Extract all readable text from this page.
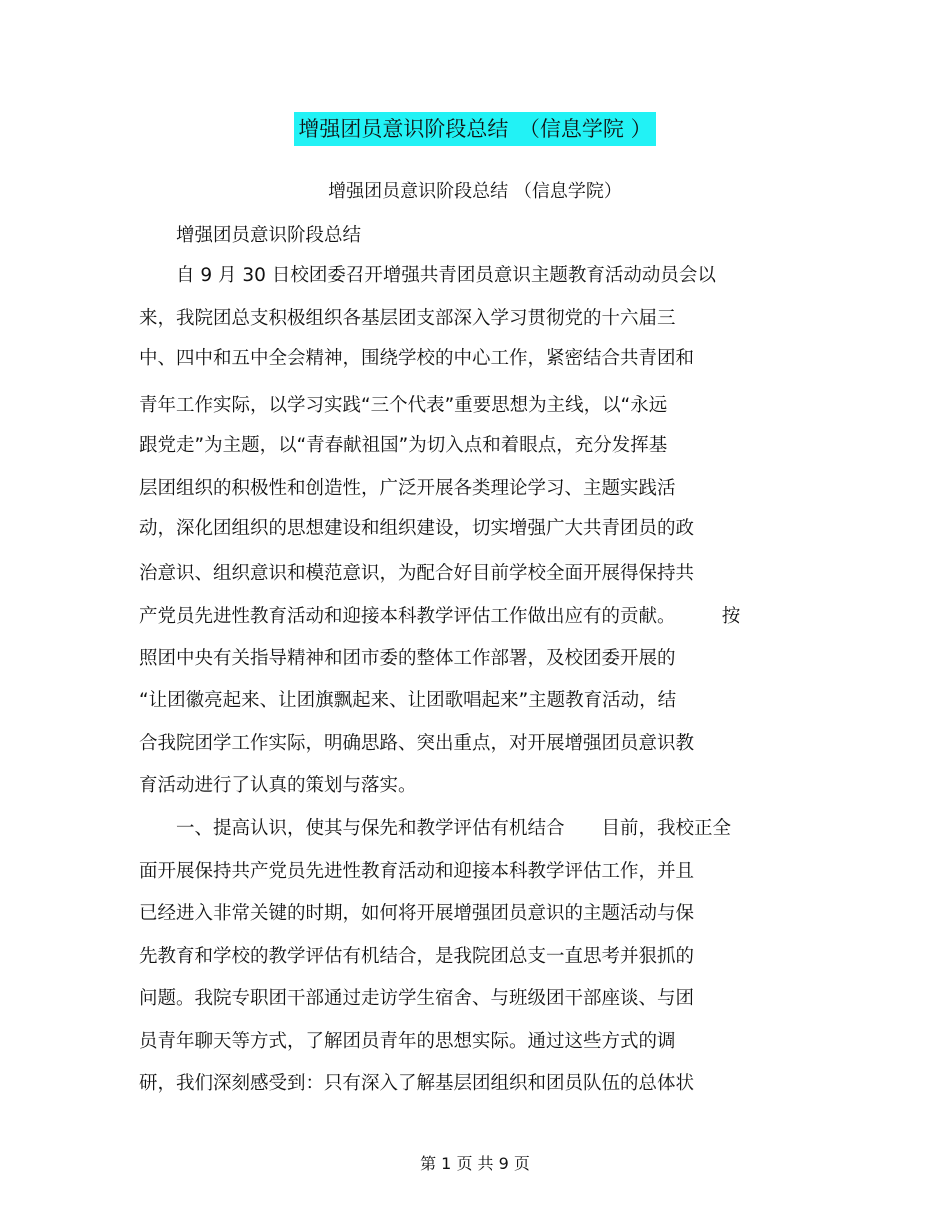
增强团员意识阶段总结　（信息学院 ）
增强团员意识阶段总结 （信息学院）
　　增强团员意识阶段总结
　　自 9 月 30 日校团委召开增强共青团员意识主题教育活动动员会以
来，我院团总支积极组织各基层团支部深入学习贯彻党的十六届三
中、四中和五中全会精神，围绕学校的中心工作，紧密结合共青团和
青年工作实际，以学习实践“三个代表”重要思想为主线，以“永远
跟党走”为主题，以“青春献祖国”为切入点和着眼点，充分发挥基
层团组织的积极性和创造性，广泛开展各类理论学习、主题实践活
动，深化团组织的思想建设和组织建设，切实增强广大共青团员的政
治意识、组织意识和模范意识，为配合好目前学校全面开展得保持共
产党员先进性教育活动和迎接本科教学评估工作做出应有的贡献。　　　按
照团中央有关指导精神和团市委的整体工作部署，及校团委开展的
“让团徽亮起来、让团旗飘起来、让团歌唱起来”主题教育活动，结
合我院团学工作实际，明确思路、突出重点，对开展增强团员意识教
育活动进行了认真的策划与落实。
　　一、提高认识，使其与保先和教学评估有机结合　　目前，我校正全
面开展保持共产党员先进性教育活动和迎接本科教学评估工作，并且
已经进入非常关键的时期，如何将开展增强团员意识的主题活动与保
先教育和学校的教学评估有机结合，是我院团总支一直思考并狠抓的
问题。我院专职团干部通过走访学生宿舍、与班级团干部座谈、与团
员青年聊天等方式，了解团员青年的思想实际。通过这些方式的调
研，我们深刻感受到：只有深入了解基层团组织和团员队伍的总体状
第 1 页 共 9 页
